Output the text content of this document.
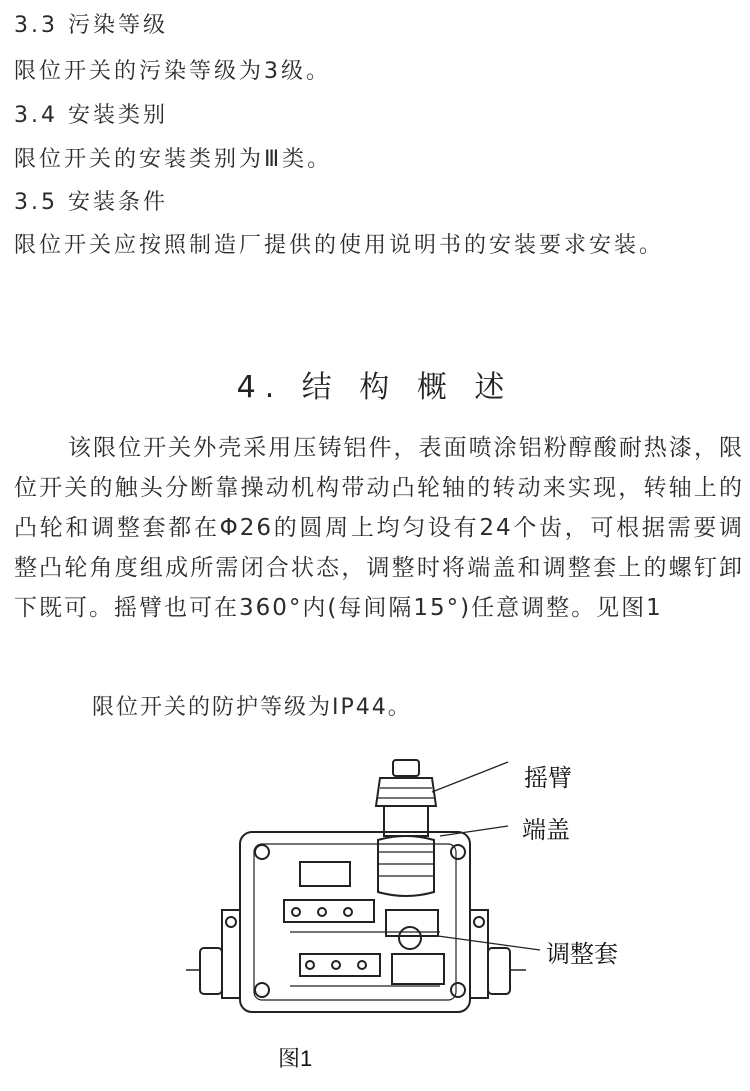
3.3 污染等级
限位开关的污染等级为3级。
3.4 安装类别
限位开关的安装类别为Ⅲ类。
3.5 安装条件
限位开关应按照制造厂提供的使用说明书的安装要求安装。
4. 结 构 概 述
该限位开关外壳采用压铸铝件，表面喷涂铝粉醇酸耐热漆，限位开关的触头分断靠操动机构带动凸轮轴的转动来实现，转轴上的凸轮和调整套都在Φ26的圆周上均匀设有24个齿，可根据需要调整凸轮角度组成所需闭合状态，调整时将端盖和调整套上的螺钉卸下既可。摇臂也可在360°内(每间隔15°)任意调整。见图1
限位开关的防护等级为IP44。
摇臂
端盖
调整套
图1
